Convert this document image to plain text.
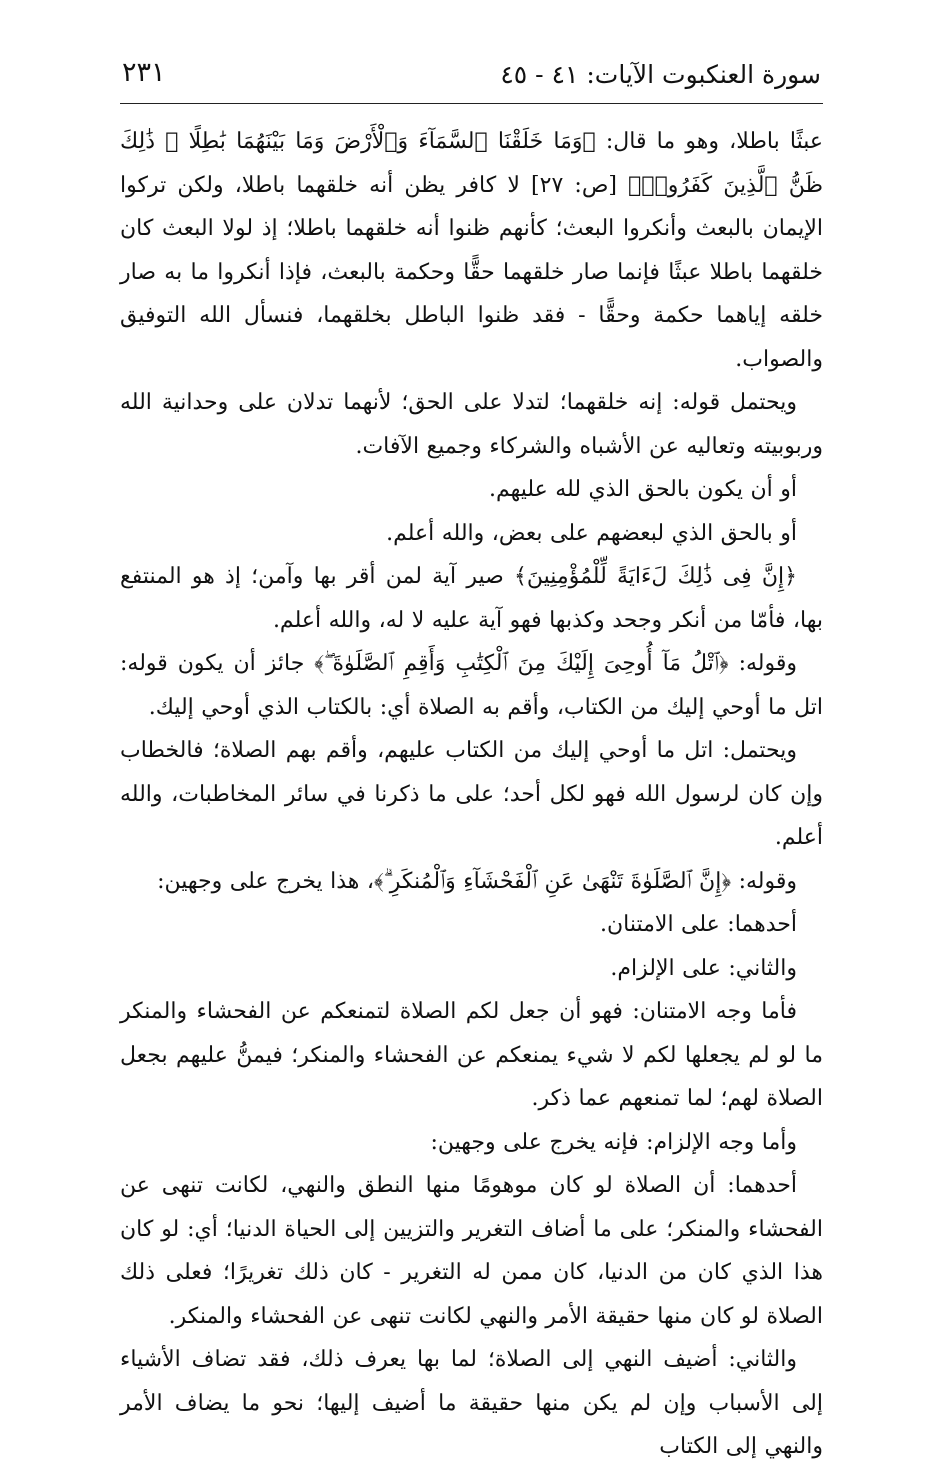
سورة العنكبوت الآيات: ٤١ - ٤٥
٢٣١

عبثًا باطلا، وهو ما قال: ﴿وَمَا خَلَقْنَا ٱلسَّمَآءَ وَٱلْأَرْضَ وَمَا بَيْنَهُمَا بَٰطِلًا ۚ ذَٰلِكَ ظَنُّ ٱلَّذِينَ كَفَرُوا۟﴾ [ص: ٢٧] لا كافر يظن أنه خلقهما باطلا، ولكن تركوا الإيمان بالبعث وأنكروا البعث؛ كأنهم ظنوا أنه خلقهما باطلا؛ إذ لولا البعث كان خلقهما باطلا عبثًا فإنما صار خلقهما حقًّا وحكمة بالبعث، فإذا أنكروا ما به صار خلقه إياهما حكمة وحقًّا - فقد ظنوا الباطل بخلقهما، فنسأل الله التوفيق والصواب.

ويحتمل قوله: إنه خلقهما؛ لتدلا على الحق؛ لأنهما تدلان على وحدانية الله وربوبيته وتعاليه عن الأشباه والشركاء وجميع الآفات.

أو أن يكون بالحق الذي لله عليهم.

أو بالحق الذي لبعضهم على بعض، والله أعلم.

﴿إِنَّ فِى ذَٰلِكَ لَءَايَةً لِّلْمُؤْمِنِينَ﴾ صير آية لمن أقر بها وآمن؛ إذ هو المنتفع بها، فأمّا من أنكر وجحد وكذبها فهو آية عليه لا له، والله أعلم.

وقوله: ﴿ٱتْلُ مَآ أُوحِىَ إِلَيْكَ مِنَ ٱلْكِتَٰبِ وَأَقِمِ ٱلصَّلَوٰةَ ۖ﴾ جائز أن يكون قوله: اتل ما أوحي إليك من الكتاب، وأقم به الصلاة أي: بالكتاب الذي أوحي إليك.

ويحتمل: اتل ما أوحي إليك من الكتاب عليهم، وأقم بهم الصلاة؛ فالخطاب وإن كان لرسول الله فهو لكل أحد؛ على ما ذكرنا في سائر المخاطبات، والله أعلم.

وقوله: ﴿إِنَّ ٱلصَّلَوٰةَ تَنْهَىٰ عَنِ ٱلْفَحْشَآءِ وَٱلْمُنكَرِ ۗ﴾، هذا يخرج على وجهين:

أحدهما: على الامتنان.

والثاني: على الإلزام.

فأما وجه الامتنان: فهو أن جعل لكم الصلاة لتمنعكم عن الفحشاء والمنكر ما لو لم يجعلها لكم لا شيء يمنعكم عن الفحشاء والمنكر؛ فيمنُّ عليهم بجعل الصلاة لهم؛ لما تمنعهم عما ذكر.

وأما وجه الإلزام: فإنه يخرج على وجهين:

أحدهما: أن الصلاة لو كان موهومًا منها النطق والنهي، لكانت تنهى عن الفحشاء والمنكر؛ على ما أضاف التغرير والتزيين إلى الحياة الدنيا؛ أي: لو كان هذا الذي كان من الدنيا، كان ممن له التغرير - كان ذلك تغريرًا؛ فعلى ذلك الصلاة لو كان منها حقيقة الأمر والنهي لكانت تنهى عن الفحشاء والمنكر.

والثاني: أضيف النهي إلى الصلاة؛ لما بها يعرف ذلك، فقد تضاف الأشياء إلى الأسباب وإن لم يكن منها حقيقة ما أضيف إليها؛ نحو ما يضاف الأمر والنهي إلى الكتاب
